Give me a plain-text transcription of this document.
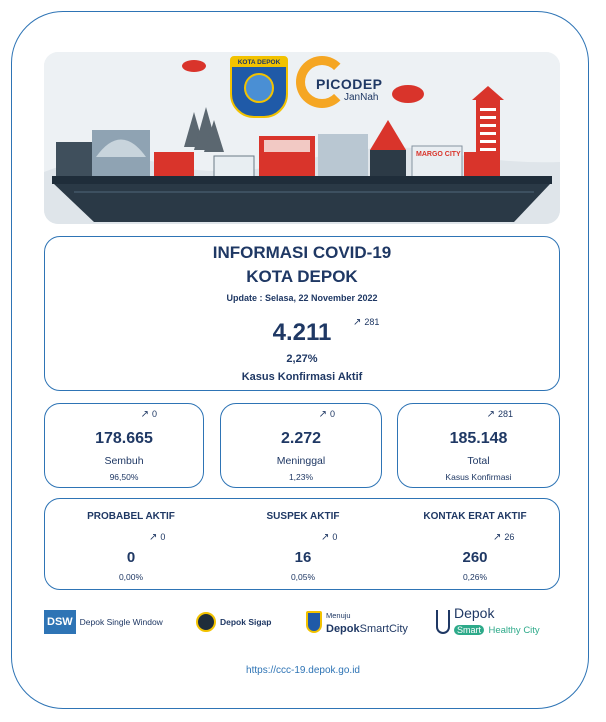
MARGO CITY
KOTA DEPOK
PICODEP
JanNah
INFORMASI COVID-19
KOTA DEPOK
Update : Selasa, 22 November 2022
4.211	↗ 281
2,27%
Kasus Konfirmasi Aktif
↗ 0
178.665
Sembuh
96,50%
↗ 0
2.272
Meninggal
1,23%
↗ 281
185.148
Total
Kasus Konfirmasi
PROBABEL AKTIF
↗ 0
0
0,00%
SUSPEK AKTIF
↗ 0
16
0,05%
KONTAK ERAT AKTIF
↗ 26
260
0,26%
DSW Depok Single Window	Depok Sigap
Menuju
DepokSmartCity
Depok
Smart Healthy City
https://ccc-19.depok.go.id
